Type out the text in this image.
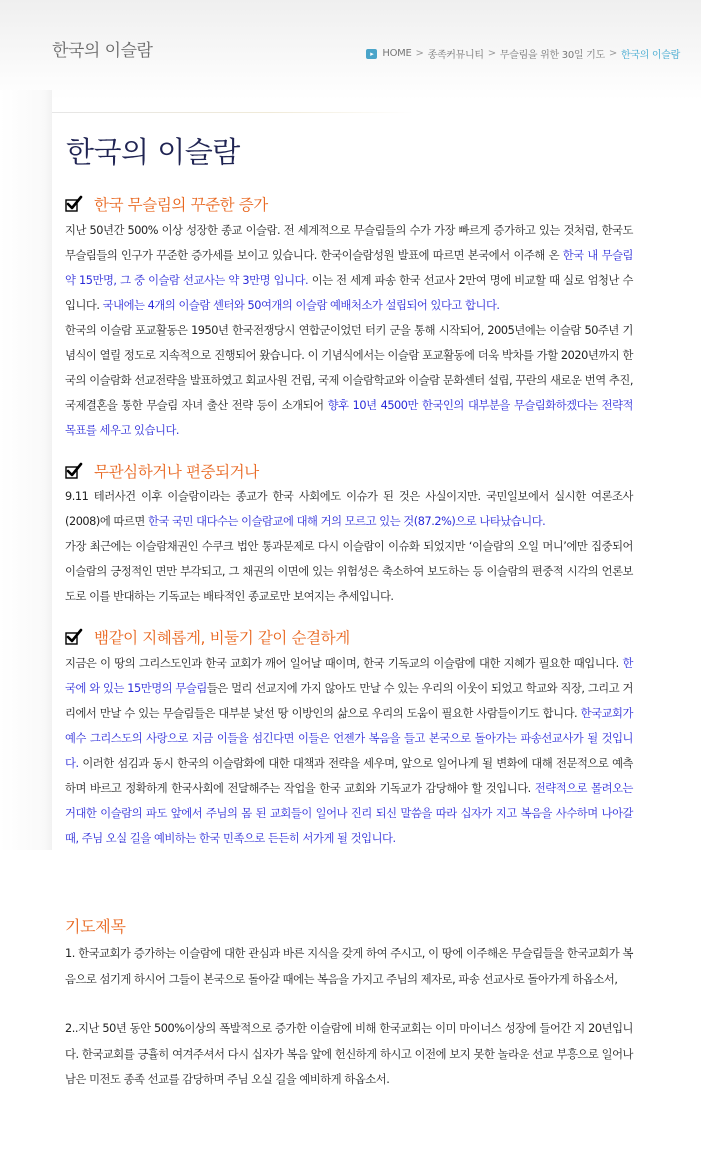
한국의 이슬람	▸ HOME > 종족커뮤니티 > 무슬림을 위한 30일 기도 > 한국의 이슬람
한국의 이슬람
한국 무슬림의 꾸준한 증가

지난 50년간 500% 이상 성장한 종교 이슬람. 전 세계적으로 무슬림들의 수가 가장 빠르게 증가하고 있는 것처럼, 한국도 무슬림들의 인구가 꾸준한 증가세를 보이고 있습니다. 한국이슬람성원 발표에 따르면 본국에서 이주해 온 한국 내 무슬림 약 15만명, 그 중 이슬람 선교사는 약 3만명 입니다. 이는 전 세계 파송 한국 선교사 2만여 명에 비교할 때 실로 엄청난 수입니다. 국내에는 4개의 이슬람 센터와 50여개의 이슬람 예배처소가 설립되어 있다고 합니다.

한국의 이슬람 포교활동은 1950년 한국전쟁당시 연합군이었던 터키 군을 통해 시작되어, 2005년에는 이슬람 50주년 기념식이 열릴 정도로 지속적으로 진행되어 왔습니다. 이 기념식에서는 이슬람 포교활동에 더욱 박차를 가할 2020년까지 한국의 이슬람화 선교전략을 발표하였고 회교사원 건립, 국제 이슬람학교와 이슬람 문화센터 설립, 꾸란의 새로운 번역 추진, 국제결혼을 통한 무슬림 자녀 출산 전략 등이 소개되어 향후 10년 4500만 한국인의 대부분을 무슬림화하겠다는 전략적 목표를 세우고 있습니다.

무관심하거나 편중되거나

9.11 테러사건 이후 이슬람이라는 종교가 한국 사회에도 이슈가 된 것은 사실이지만. 국민일보에서 실시한 여론조사(2008)에 따르면 한국 국민 대다수는 이슬람교에 대해 거의 모르고 있는 것(87.2%)으로 나타났습니다.

가장 최근에는 이슬람채권인 수쿠크 법안 통과문제로 다시 이슬람이 이슈화 되었지만 ‘이슬람의 오일 머니’에만 집중되어 이슬람의 긍정적인 면만 부각되고, 그 채권의 이면에 있는 위험성은 축소하여 보도하는 등 이슬람의 편중적 시각의 언론보도로 이를 반대하는 기독교는 배타적인 종교로만 보여지는 추세입니다.

뱀같이 지혜롭게, 비둘기 같이 순결하게

지금은 이 땅의 그리스도인과 한국 교회가 깨어 일어날 때이며, 한국 기독교의 이슬람에 대한 지혜가 필요한 때입니다. 한국에 와 있는 15만명의 무슬림들은 멀리 선교지에 가지 않아도 만날 수 있는 우리의 이웃이 되었고 학교와 직장, 그리고 거리에서 만날 수 있는 무슬림들은 대부분 낯선 땅 이방인의 삶으로 우리의 도움이 필요한 사람들이기도 합니다. 한국교회가 예수 그리스도의 사랑으로 지금 이들을 섬긴다면 이들은 언젠가 복음을 들고 본국으로 돌아가는 파송선교사가 될 것입니다. 이러한 섬김과 동시 한국의 이슬람화에 대한 대책과 전략을 세우며, 앞으로 일어나게 될 변화에 대해 전문적으로 예측하며 바르고 정확하게 한국사회에 전달해주는 작업을 한국 교회와 기독교가 감당해야 할 것입니다. 전략적으로 몰려오는 거대한 이슬람의 파도 앞에서 주님의 몸 된 교회들이 일어나 진리 되신 말씀을 따라 십자가 지고 복음을 사수하며 나아갈 때, 주님 오실 길을 예비하는 한국 민족으로 든든히 서가게 될 것입니다.

기도제목

1. 한국교회가 증가하는 이슬람에 대한 관심과 바른 지식을 갖게 하여 주시고, 이 땅에 이주해온 무슬림들을 한국교회가 복음으로 섬기게 하시어 그들이 본국으로 돌아갈 때에는 복음을 가지고 주님의 제자로, 파송 선교사로 돌아가게 하옵소서,

2..지난 50년 동안 500%이상의 폭발적으로 증가한 이슬람에 비해 한국교회는 이미 마이너스 성장에 들어간 지 20년입니다. 한국교회를 긍휼히 여겨주셔서 다시 십자가 복음 앞에 헌신하게 하시고 이전에 보지 못한 놀라운 선교 부흥으로 일어나 남은 미전도 종족 선교를 감당하며 주님 오실 길을 예비하게 하옵소서.
